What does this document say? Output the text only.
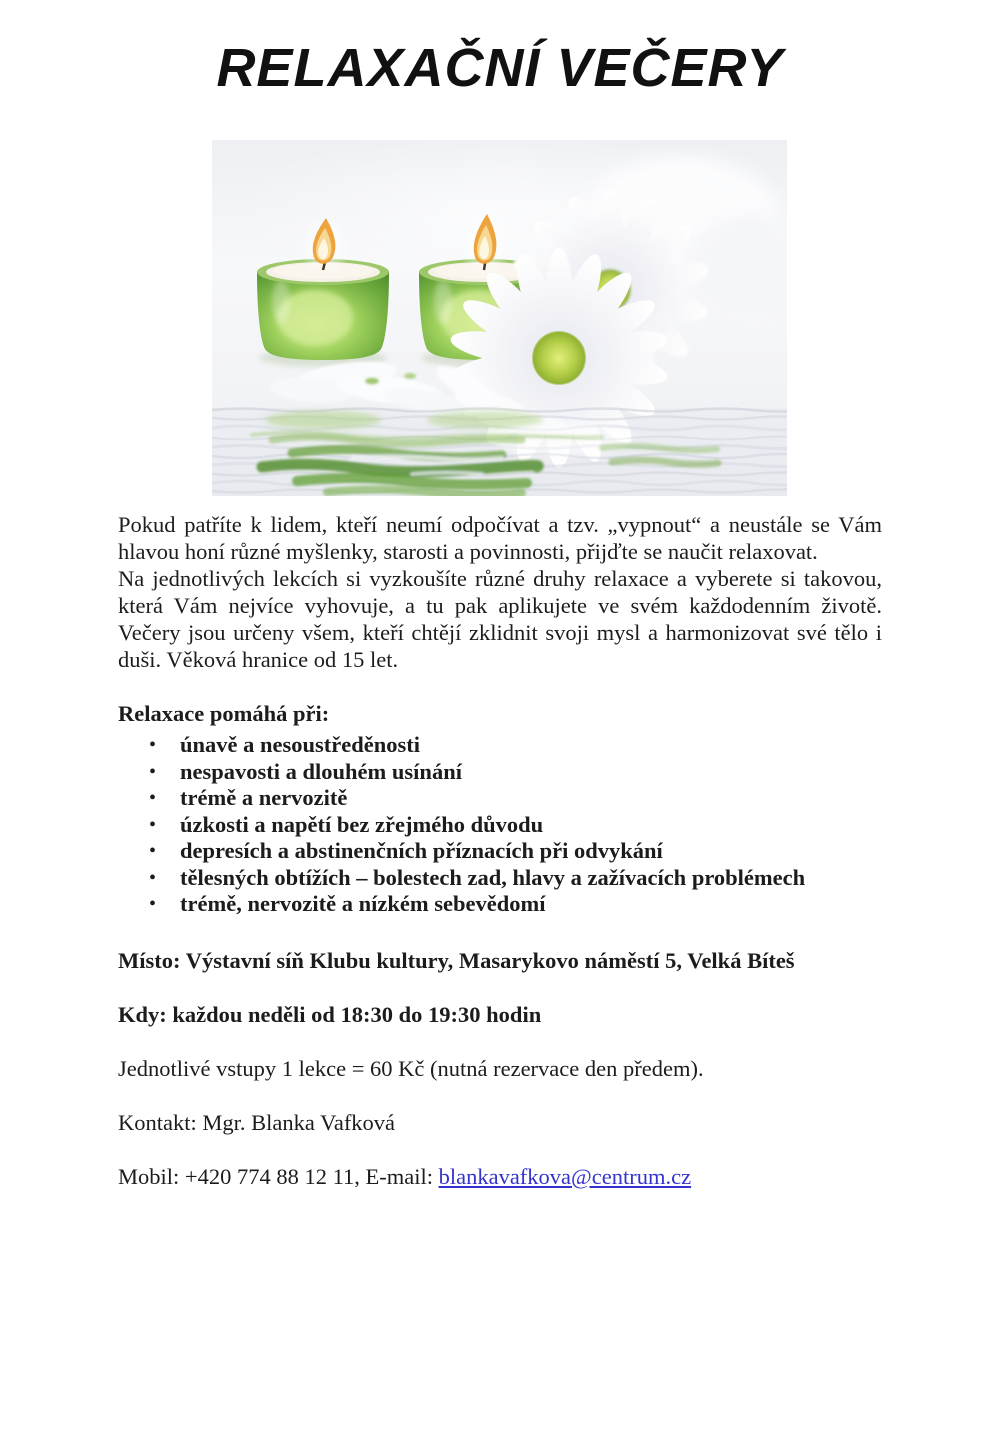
RELAXAČNÍ VEČERY

Pokud patříte k lidem, kteří neumí odpočívat a tzv. „vypnout“ a neustále se Vám hlavou honí různé myšlenky, starosti a povinnosti, přijďte se naučit relaxovat.

Na jednotlivých lekcích si vyzkoušíte různé druhy relaxace a vyberete si takovou, která Vám nejvíce vyhovuje, a tu pak aplikujete ve svém každodenním životě. Večery jsou určeny všem, kteří chtějí zklidnit svoji mysl a harmonizovat své tělo i duši. Věková hranice od 15 let.

Relaxace pomáhá při:

• únavě a nesoustředěnosti
• nespavosti a dlouhém usínání
• trémě a nervozitě
• úzkosti a napětí bez zřejmého důvodu
• depresích a abstinenčních příznacích při odvykání
• tělesných obtížích – bolestech zad, hlavy a zažívacích problémech
• trémě, nervozitě a nízkém sebevědomí

Místo: Výstavní síň Klubu kultury, Masarykovo náměstí 5, Velká Bíteš

Kdy: každou neděli od 18:30 do 19:30 hodin

Jednotlivé vstupy 1 lekce = 60 Kč (nutná rezervace den předem).

Kontakt: Mgr. Blanka Vafková

Mobil: +420 774 88 12 11, E-mail: blankavafkova@centrum.cz
